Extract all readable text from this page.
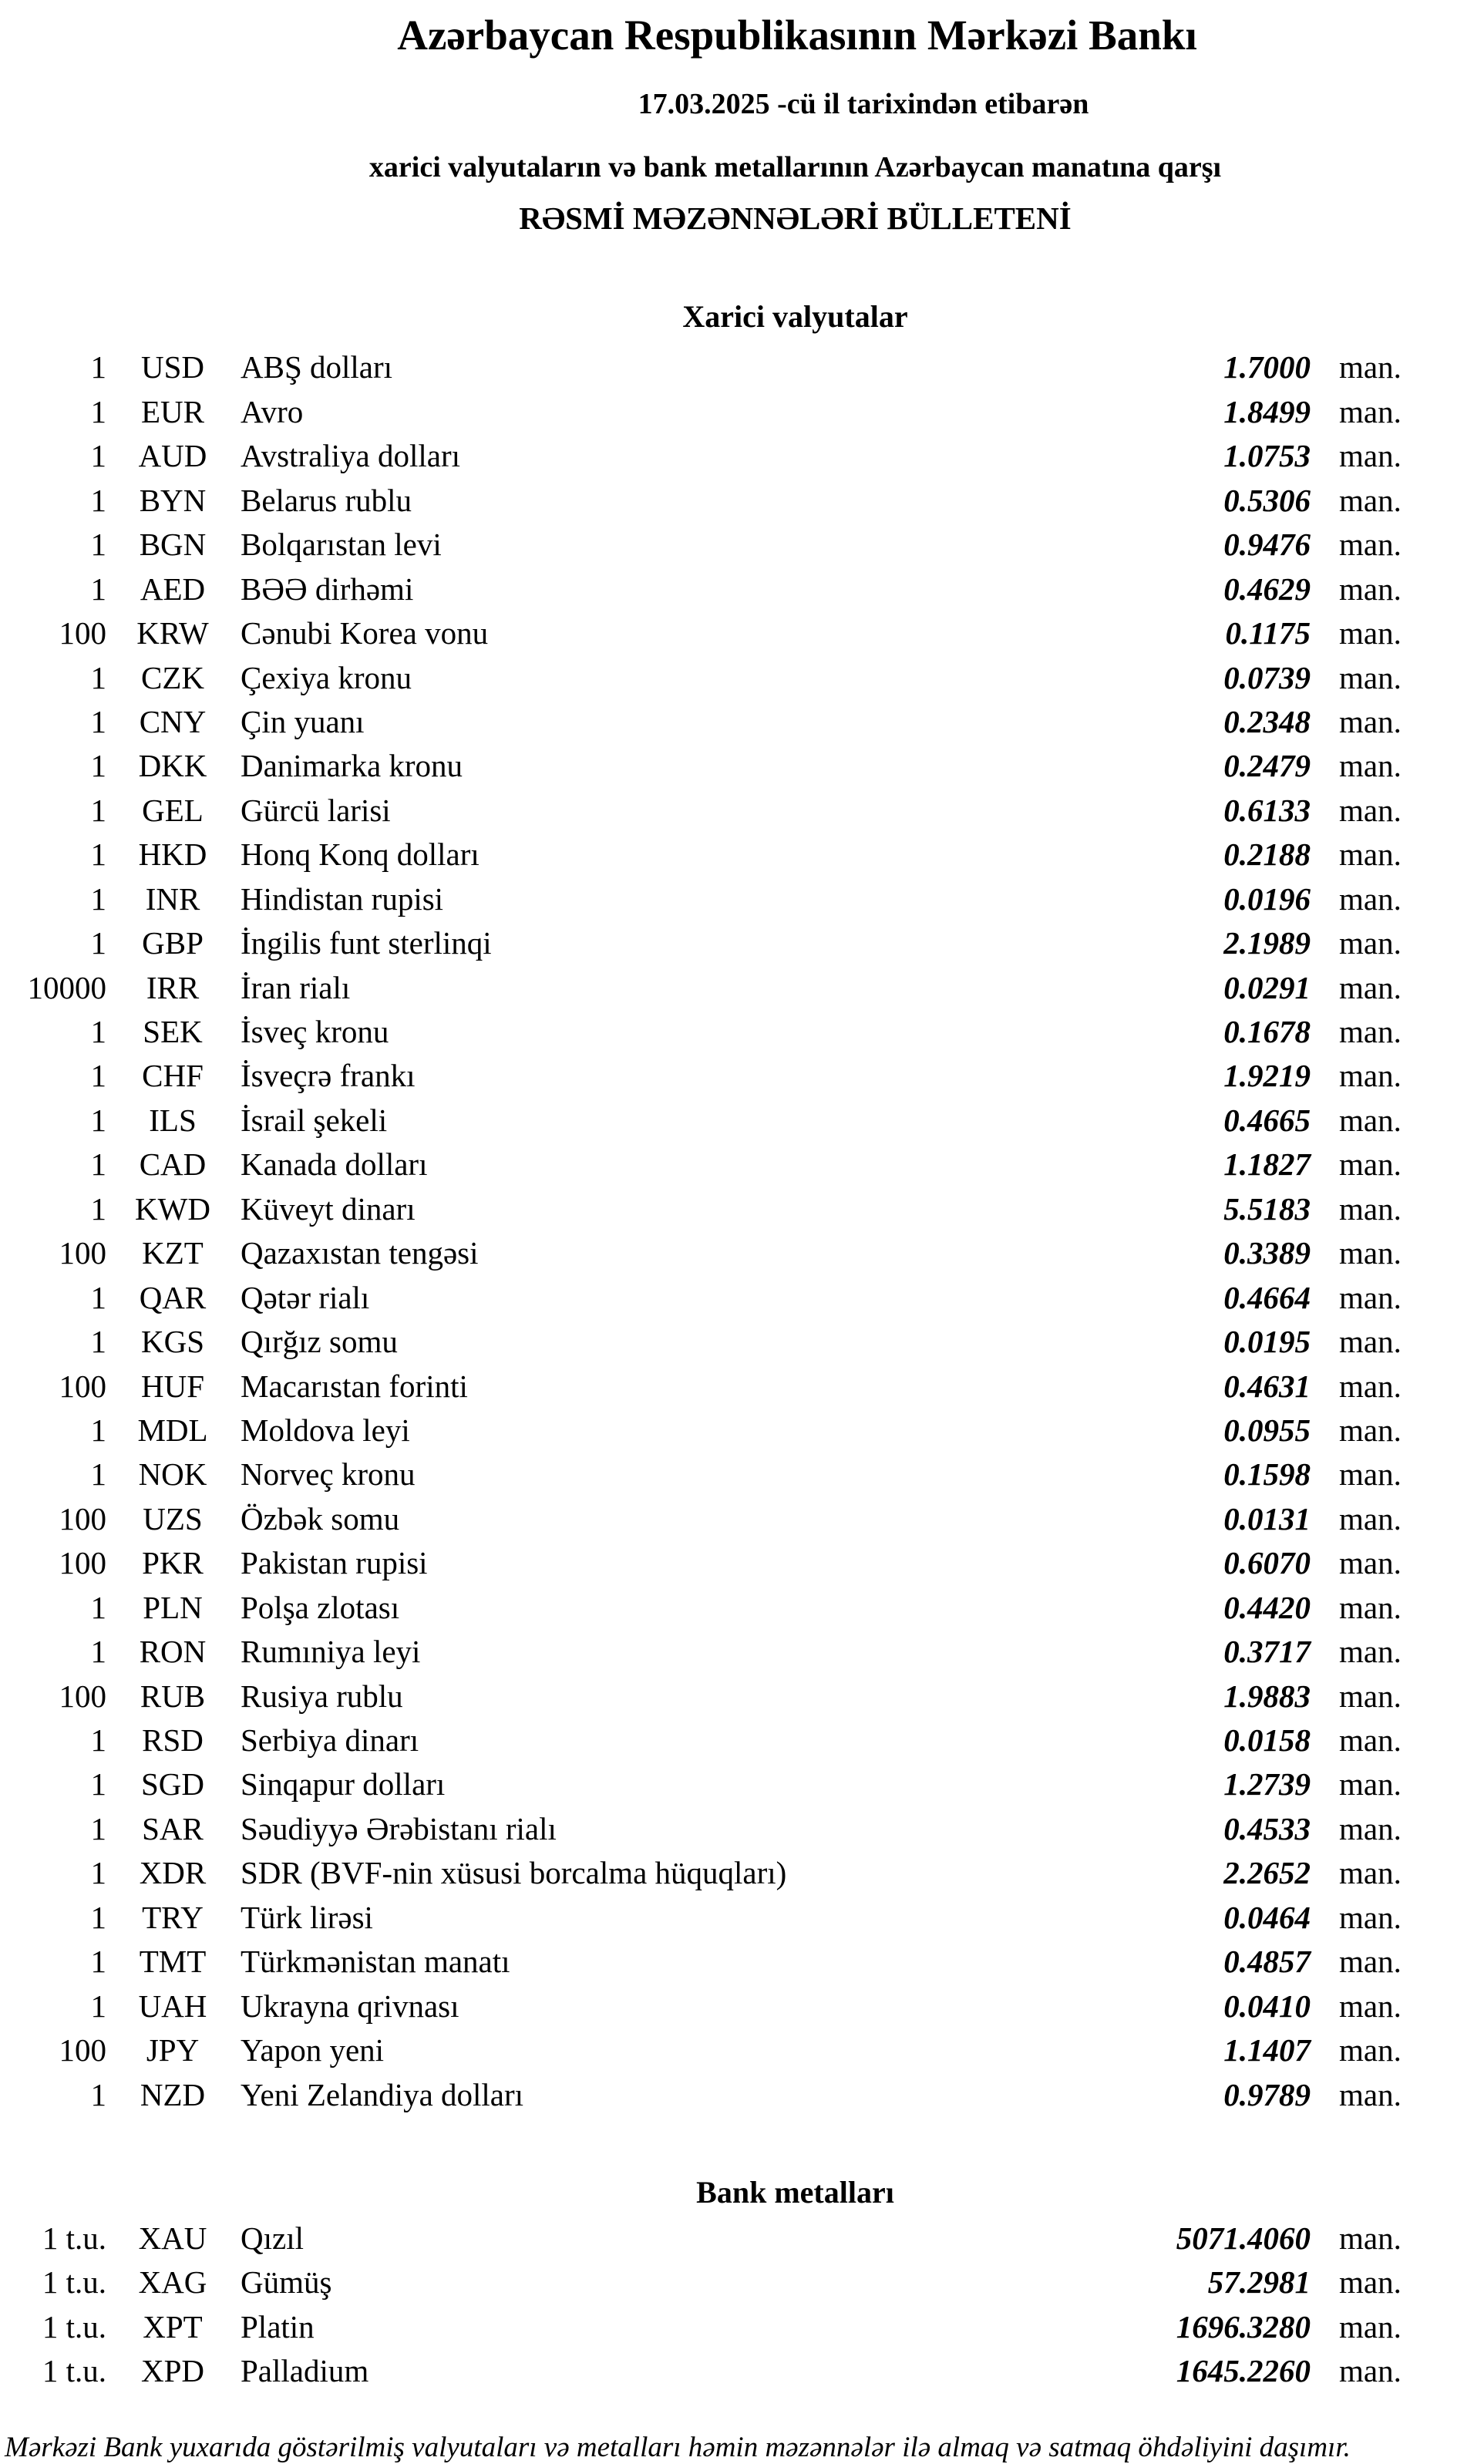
Azərbaycan Respublikasının Mərkəzi Bankı
17.03.2025 -cü il tarixindən etibarən
xarici valyutaların və bank metallarının Azərbaycan manatına qarşı
RƏSMİ MƏZƏNNƏLƏRİ BÜLLETENİ
Xarici valyutalar
1	USD	ABŞ dolları	1.7000 man.
1	EUR	Avro	1.8499 man.
1	AUD	Avstraliya dolları	1.0753 man.
1	BYN	Belarus rublu	0.5306 man.
1	BGN	Bolqarıstan levi	0.9476 man.
1	AED	BƏƏ dirhəmi	0.4629 man.
100 KRW	Cənubi Korea vonu	0.1175 man.
1	CZK	Çexiya kronu	0.0739 man.
1	CNY	Çin yuanı	0.2348 man.
1	DKK	Danimarka kronu	0.2479 man.
1	GEL	Gürcü larisi	0.6133 man.
1	HKD	Honq Konq dolları	0.2188 man.
1	INR	Hindistan rupisi	0.0196 man.
1	GBP	İngilis funt sterlinqi	2.1989 man.
10000	IRR	İran rialı	0.0291 man.
1	SEK	İsveç kronu	0.1678 man.
1	CHF	İsveçrə frankı	1.9219 man.
1	ILS	İsrail şekeli	0.4665 man.
1	CAD	Kanada dolları	1.1827 man.
1 KWD Küveyt dinarı	5.5183 man.
100	KZT	Qazaxıstan tengəsi	0.3389 man.
1	QAR	Qətər rialı	0.4664 man.
1	KGS	Qırğız somu	0.0195 man.
100	HUF	Macarıstan forinti	0.4631 man.
1 MDL	Moldova leyi	0.0955 man.
1	NOK	Norveç kronu	0.1598 man.
100	UZS	Özbək somu	0.0131 man.
100	PKR	Pakistan rupisi	0.6070 man.
1	PLN	Polşa zlotası	0.4420 man.
1	RON	Rumıniya leyi	0.3717 man.
100	RUB	Rusiya rublu	1.9883 man.
1	RSD	Serbiya dinarı	0.0158 man.
1	SGD	Sinqapur dolları	1.2739 man.
1	SAR	Səudiyyə Ərəbistanı rialı	0.4533 man.
1	XDR	SDR (BVF-nin xüsusi borcalma hüquqları)	2.2652 man.
1	TRY	Türk lirəsi	0.0464 man.
1	TMT	Türkmənistan manatı	0.4857 man.
1	UAH	Ukrayna qrivnası	0.0410 man.
100	JPY	Yapon yeni	1.1407 man.
1	NZD	Yeni Zelandiya dolları	0.9789 man.
Bank metalları
1 t.u.	XAU	Qızıl	5071.4060 man.
1 t.u.	XAG	Gümüş	57.2981 man.
1 t.u.	XPT	Platin	1696.3280 man.
1 t.u.	XPD	Palladium	1645.2260 man.
Mərkəzi Bank yuxarıda göstərilmiş valyutaları və metalları həmin məzənnələr ilə almaq və satmaq öhdəliyini daşımır.
